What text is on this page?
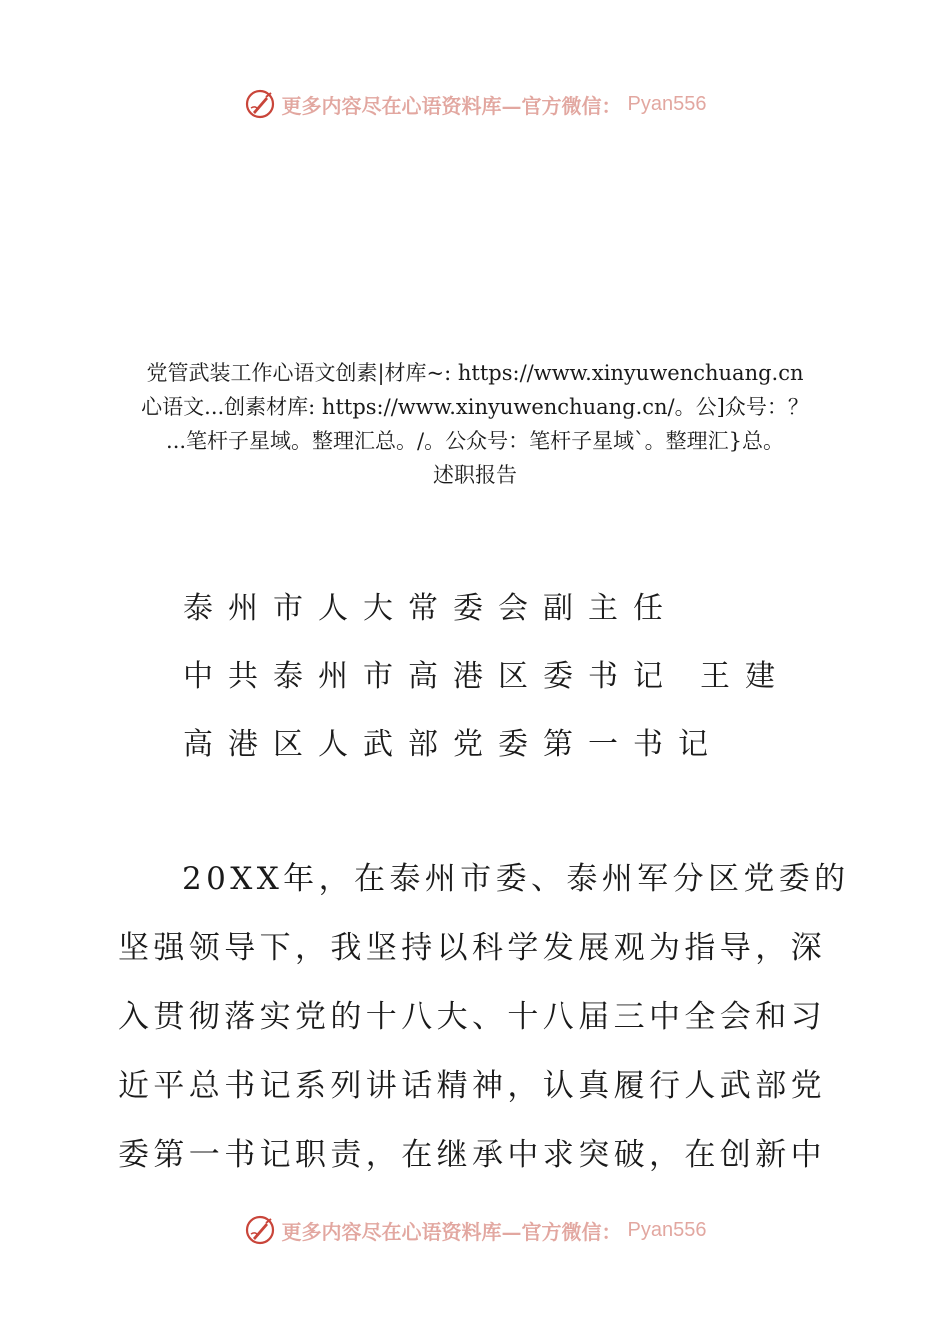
更多内容尽在心语资料库—官方微信： Pyan556
党管武装工作心语文创素|材库~: https://www.xinyuwenchuang.cn
心语文...创素材库: https://www.xinyuwenchuang.cn/。公]众号：？
...笔杆子星域。整理汇总。/。公众号：笔杆子星域`。整理汇}总。
述职报告
泰州市人大常委会副主任
中共泰州市高港区委书记 王建
高港区人武部党委第一书记
20XX年，在泰州市委、泰州军分区党委的
坚强领导下，我坚持以科学发展观为指导，深
入贯彻落实党的十八大、十八届三中全会和习
近平总书记系列讲话精神，认真履行人武部党
委第一书记职责，在继承中求突破，在创新中
更多内容尽在心语资料库—官方微信： Pyan556
